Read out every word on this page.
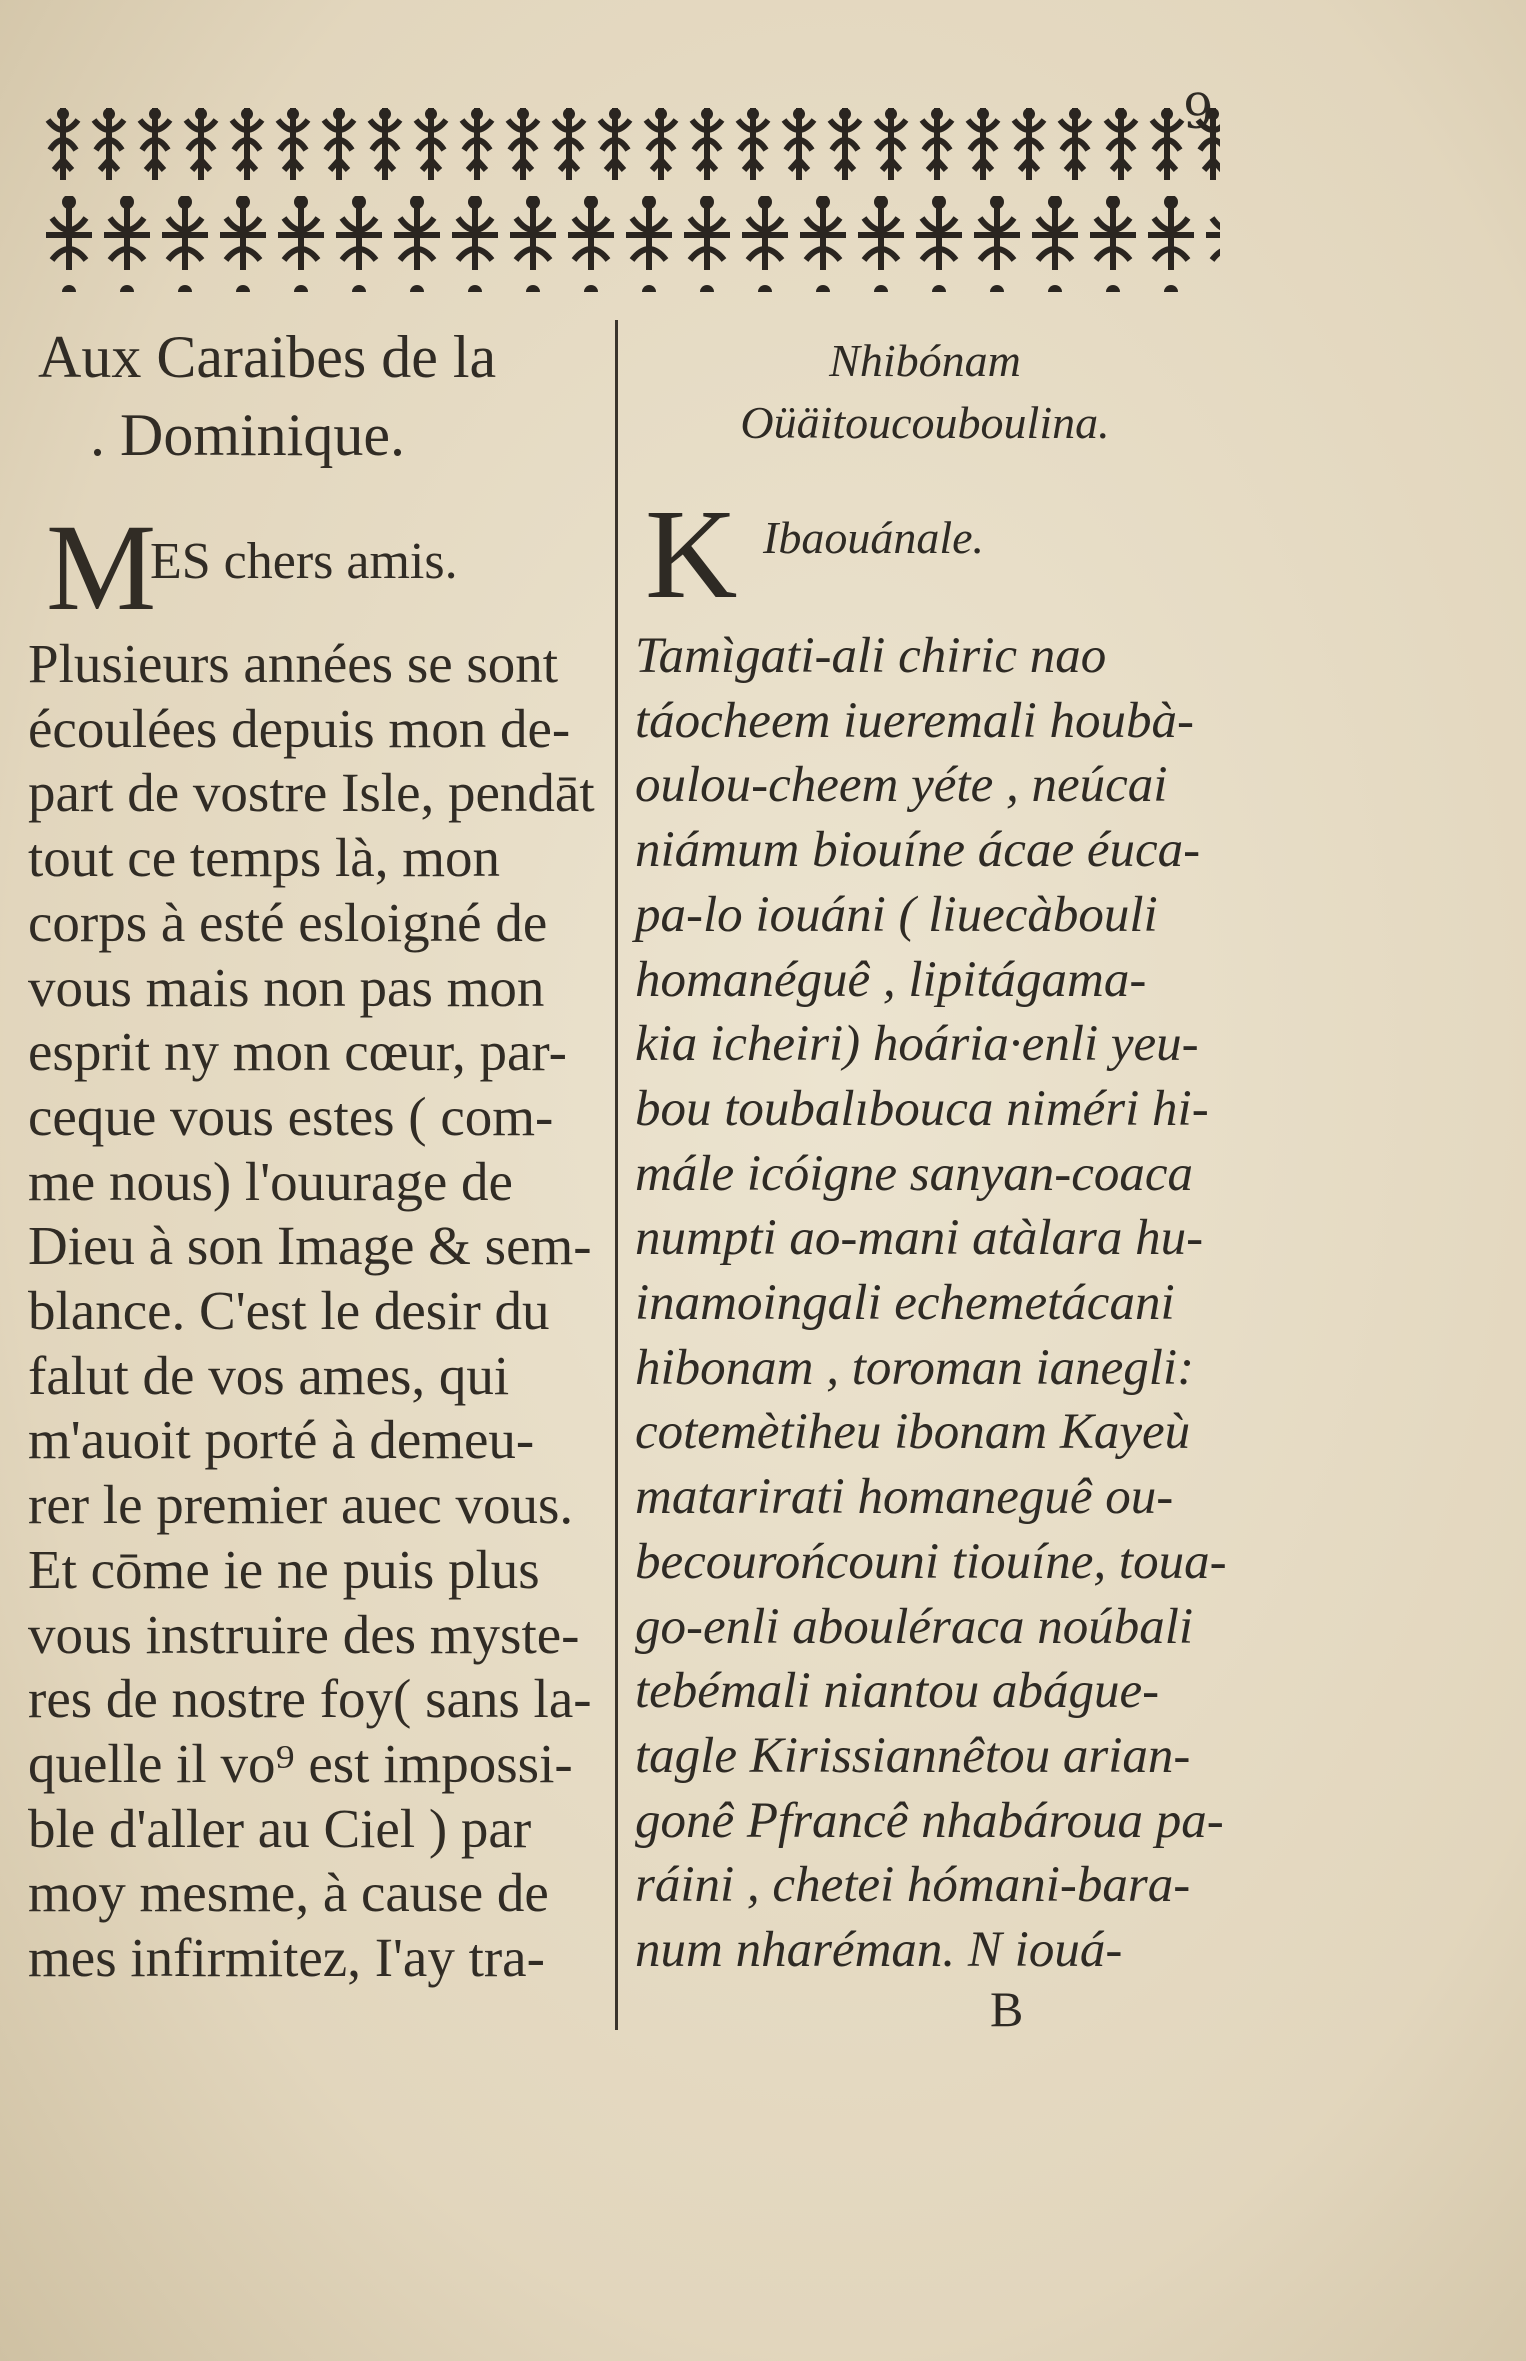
Aux Caraibes de la
. Dominique.
M
ES chers amis.
Plusieurs années se sont
écoulées depuis mon de-
part de vostre Isle, pendāt
tout ce temps là, mon
corps à esté esloigné de
vous mais non pas mon
esprit ny mon cœur, par-
ceque vous estes ( com-
me nous) l'ouurage de
Dieu à son Image & sem-
blance. C'est le desir du
falut de vos ames, qui
m'auoit porté à demeu-
rer le premier auec vous.
Et cōme ie ne puis plus
vous instruire des myste-
res de nostre foy( sans la-
quelle il vo⁹ est impossi-
ble d'aller au Ciel ) par
moy mesme, à cause de
mes infirmitez, I'ay tra-
Nhibónam
Oüäitoucouboulina.
K Ibaouánale.
Tamìgati-ali chiric nao
táocheem iueremali houbà-
oulou-cheem yéte , neúcai
niámum biouíne ácae éuca-
pa-lo iouáni ( liuecàbouli
homanéguê , lipitágama-
kia icheiri) hoária·enli yeu-
bou toubalıbouca niméri hi-
mále icóigne sanyan-coaca
numpti ao-mani atàlara hu-
inamoingali echemetácani
hibonam , toroman ianegli:
cotemètiheu ibonam Kayeù
matarirati homaneguê ou-
becourońcouni tiouíne, toua-
go-enli abouléraca noúbali
tebémali niantou abágue-
tagle Kirissiannêtou arian-
gonê Pfrancê nhabároua pa-
ráini , chetei hómani-bara-
num nharéman. N iouá-
B
